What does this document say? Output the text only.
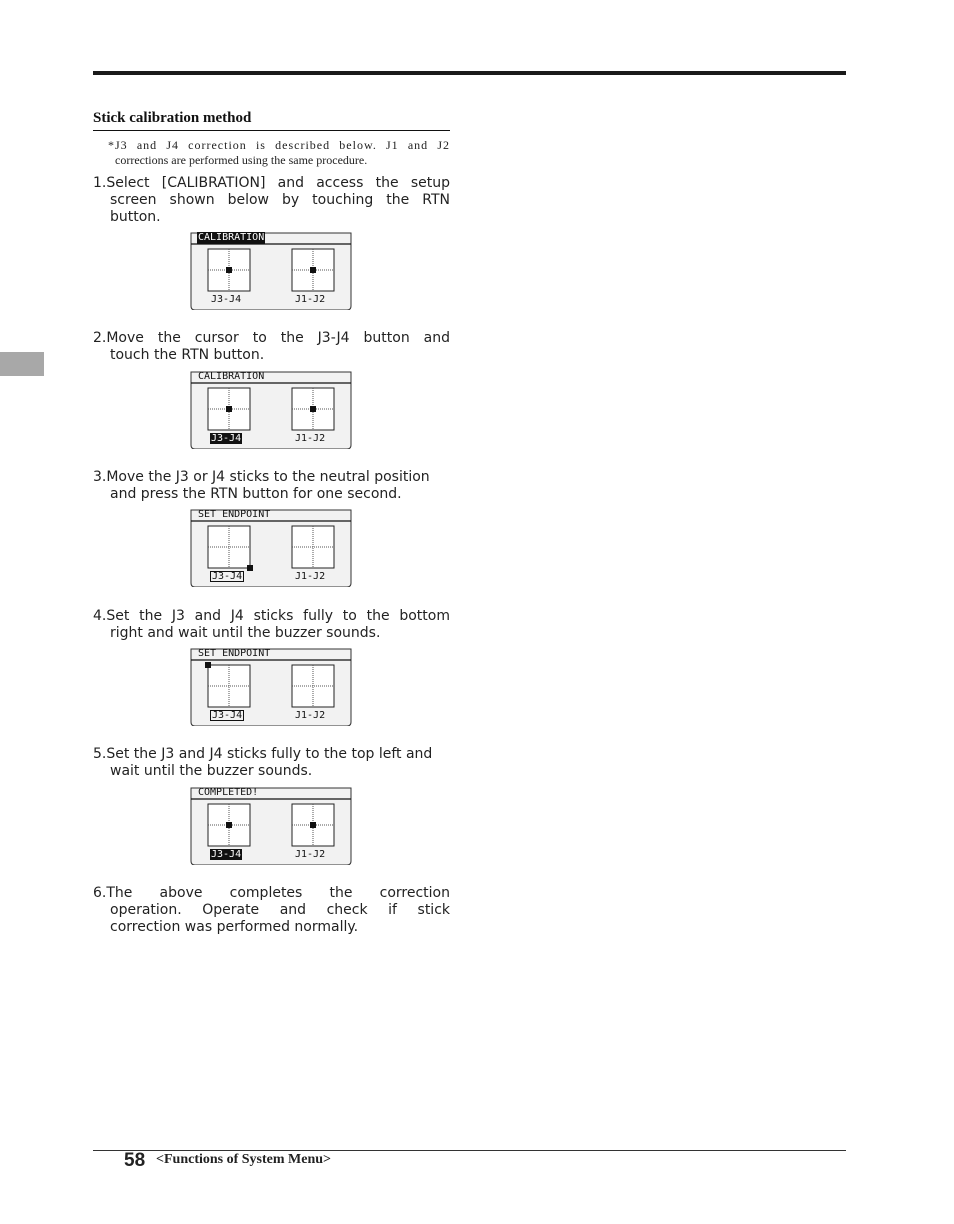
Stick calibration method
*J3 and J4 correction is described below. J1 and J2
corrections are performed using the same procedure.
1.Select [CALIBRATION] and access the setup
screen shown below by touching the RTN
button.
CALIBRATION
J3-J4	J1-J2
2.Move the cursor to the J3-J4 button and
touch the RTN button.
CALIBRATION
J3-J4	J1-J2
3.Move the J3 or J4 sticks to the neutral position
and press the RTN button for one second.
SET ENDPOINT
J3-J4	J1-J2
4.Set the J3 and J4 sticks fully to the bottom
right and wait until the buzzer sounds.
SET ENDPOINT
J3-J4	J1-J2
5.Set the J3 and J4 sticks fully to the top left and
wait until the buzzer sounds.
COMPLETED!
J3-J4	J1-J2
6.The above completes the correction
operation. Operate and check if stick
correction was performed normally.
58 <Functions of System Menu>
